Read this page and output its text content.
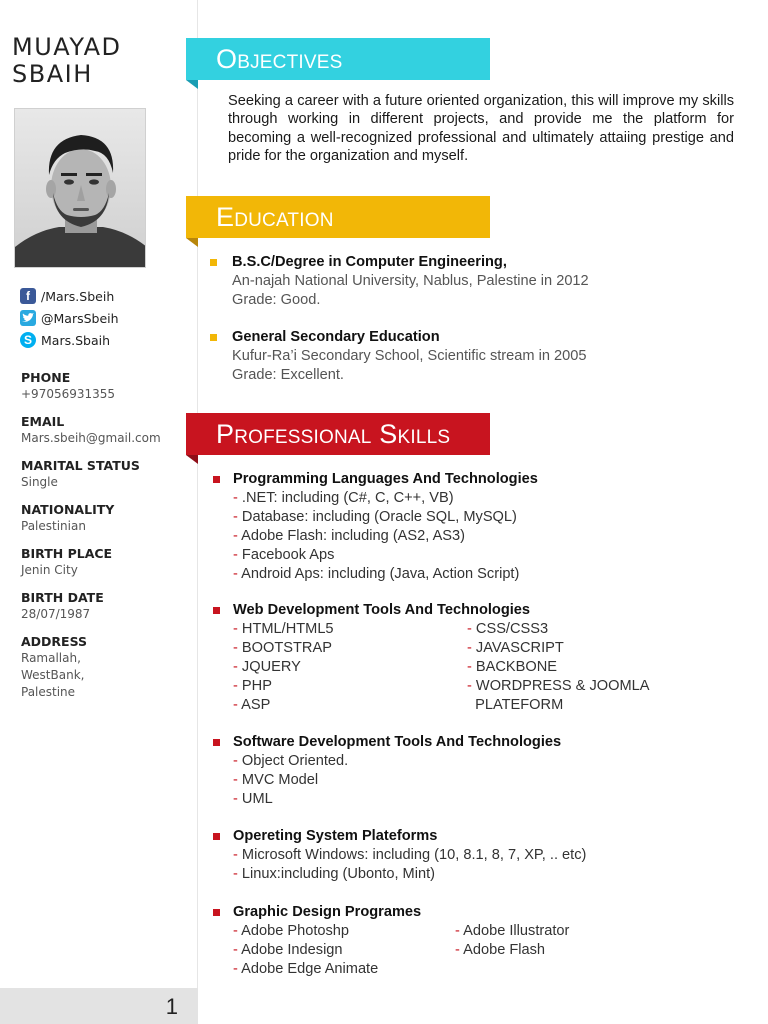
MUAYAD
SBAIH
f /Mars.Sbeih
@MarsSbeih
S Mars.Sbaih
PHONE
+97056931355
EMAIL
Mars.sbeih@gmail.com
MARITAL STATUS
Single
NATIONALITY
Palestinian
BIRTH PLACE
Jenin City
BIRTH DATE
28/07/1987
ADDRESS
Ramallah,
WestBank,
Palestine
1
Objectives

Seeking a career with a future oriented organization, this will improve my skills through working in different projects, and provide me the platform for becoming a well-recognized professional and ultimately attaiing prestige and pride for the organization and myself.

Education
B.S.C/Degree in Computer Engineering,
An-najah National University, Nablus, Palestine in 2012
Grade: Good.
General Secondary Education
Kufur-Ra’i Secondary School, Scientific stream in 2005
Grade: Excellent.
Professional Skills
Programming Languages And Technologies
- .NET: including (C#, C, C++, VB)
- Database: including (Oracle SQL, MySQL)
- Adobe Flash: including (AS2, AS3)
- Facebook Aps
- Android Aps: including (Java, Action Script)
Web Development Tools And Technologies
- HTML/HTML5
- BOOTSTRAP
- JQUERY
- PHP
- ASP
- CSS/CSS3
- JAVASCRIPT
- BACKBONE
- WORDPRESS & JOOMLA
PLATEFORM
Software Development Tools And Technologies
- Object Oriented.
- MVC Model
- UML
Opereting System Plateforms
- Microsoft Windows: including (10, 8.1, 8, 7, XP, .. etc)
- Linux:including (Ubonto, Mint)
Graphic Design Programes
- Adobe Photoshp
- Adobe Indesign
- Adobe Edge Animate
- Adobe Illustrator
- Adobe Flash
